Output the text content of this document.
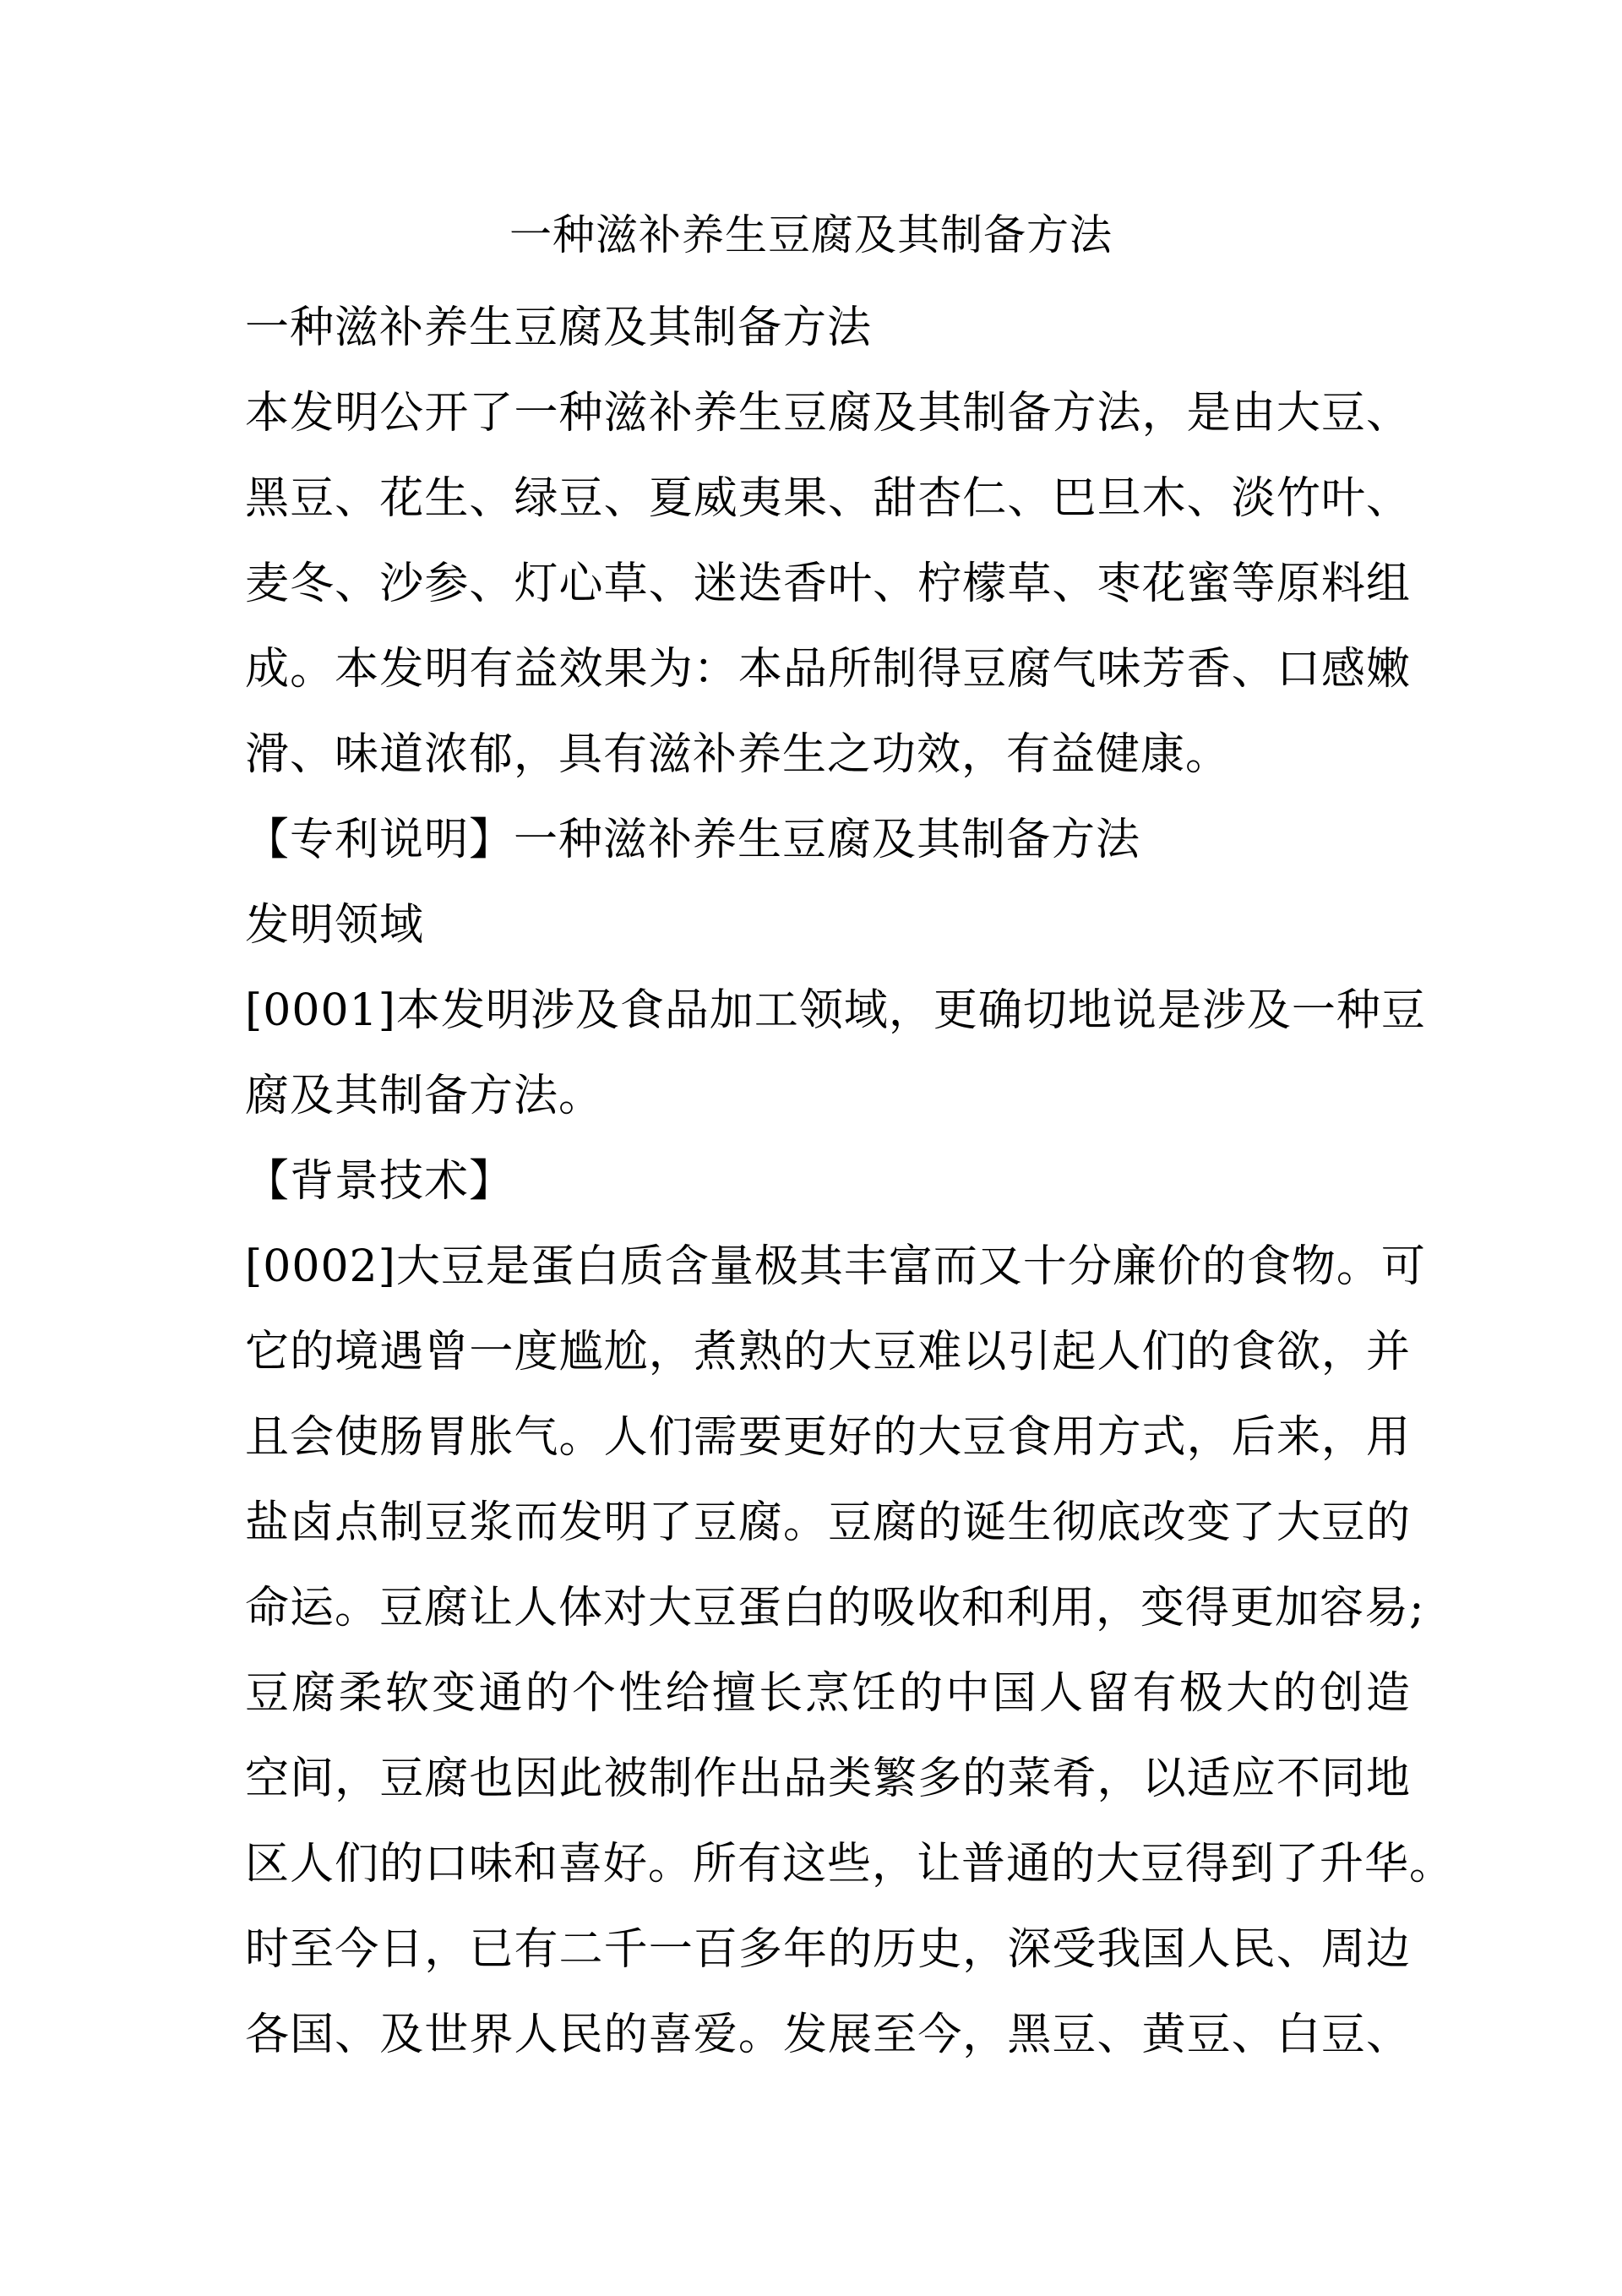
一种滋补养生豆腐及其制备方法
一种滋补养生豆腐及其制备方法
本发明公开了一种滋补养生豆腐及其制备方法，是由大豆、
黑豆、花生、绿豆、夏威夷果、甜杏仁、巴旦木、淡竹叶、
麦冬、沙参、灯心草、迷迭香叶、柠檬草、枣花蜜等原料组
成。本发明有益效果为：本品所制得豆腐气味芳香、口感嫩
滑、味道浓郁，具有滋补养生之功效，有益健康。
【专利说明】一种滋补养生豆腐及其制备方法
发明领域
[0001]本发明涉及食品加工领域，更确切地说是涉及一种豆
腐及其制备方法。
【背景技术】
[0002]大豆是蛋白质含量极其丰富而又十分廉价的食物。可
它的境遇曾一度尴尬，煮熟的大豆难以引起人们的食欲，并
且会使肠胃胀气。人们需要更好的大豆食用方式，后来，用
盐卤点制豆浆而发明了豆腐。豆腐的诞生彻底改变了大豆的
命运。豆腐让人体对大豆蛋白的吸收和利用，变得更加容易;
豆腐柔软变通的个性给擅长烹饪的中国人留有极大的创造
空间，豆腐也因此被制作出品类繁多的菜肴，以适应不同地
区人们的口味和喜好。所有这些，让普通的大豆得到了升华。
时至今日，已有二千一百多年的历史，深受我国人民、周边
各国、及世界人民的喜爱。发展至今，黑豆、黄豆、白豆、
